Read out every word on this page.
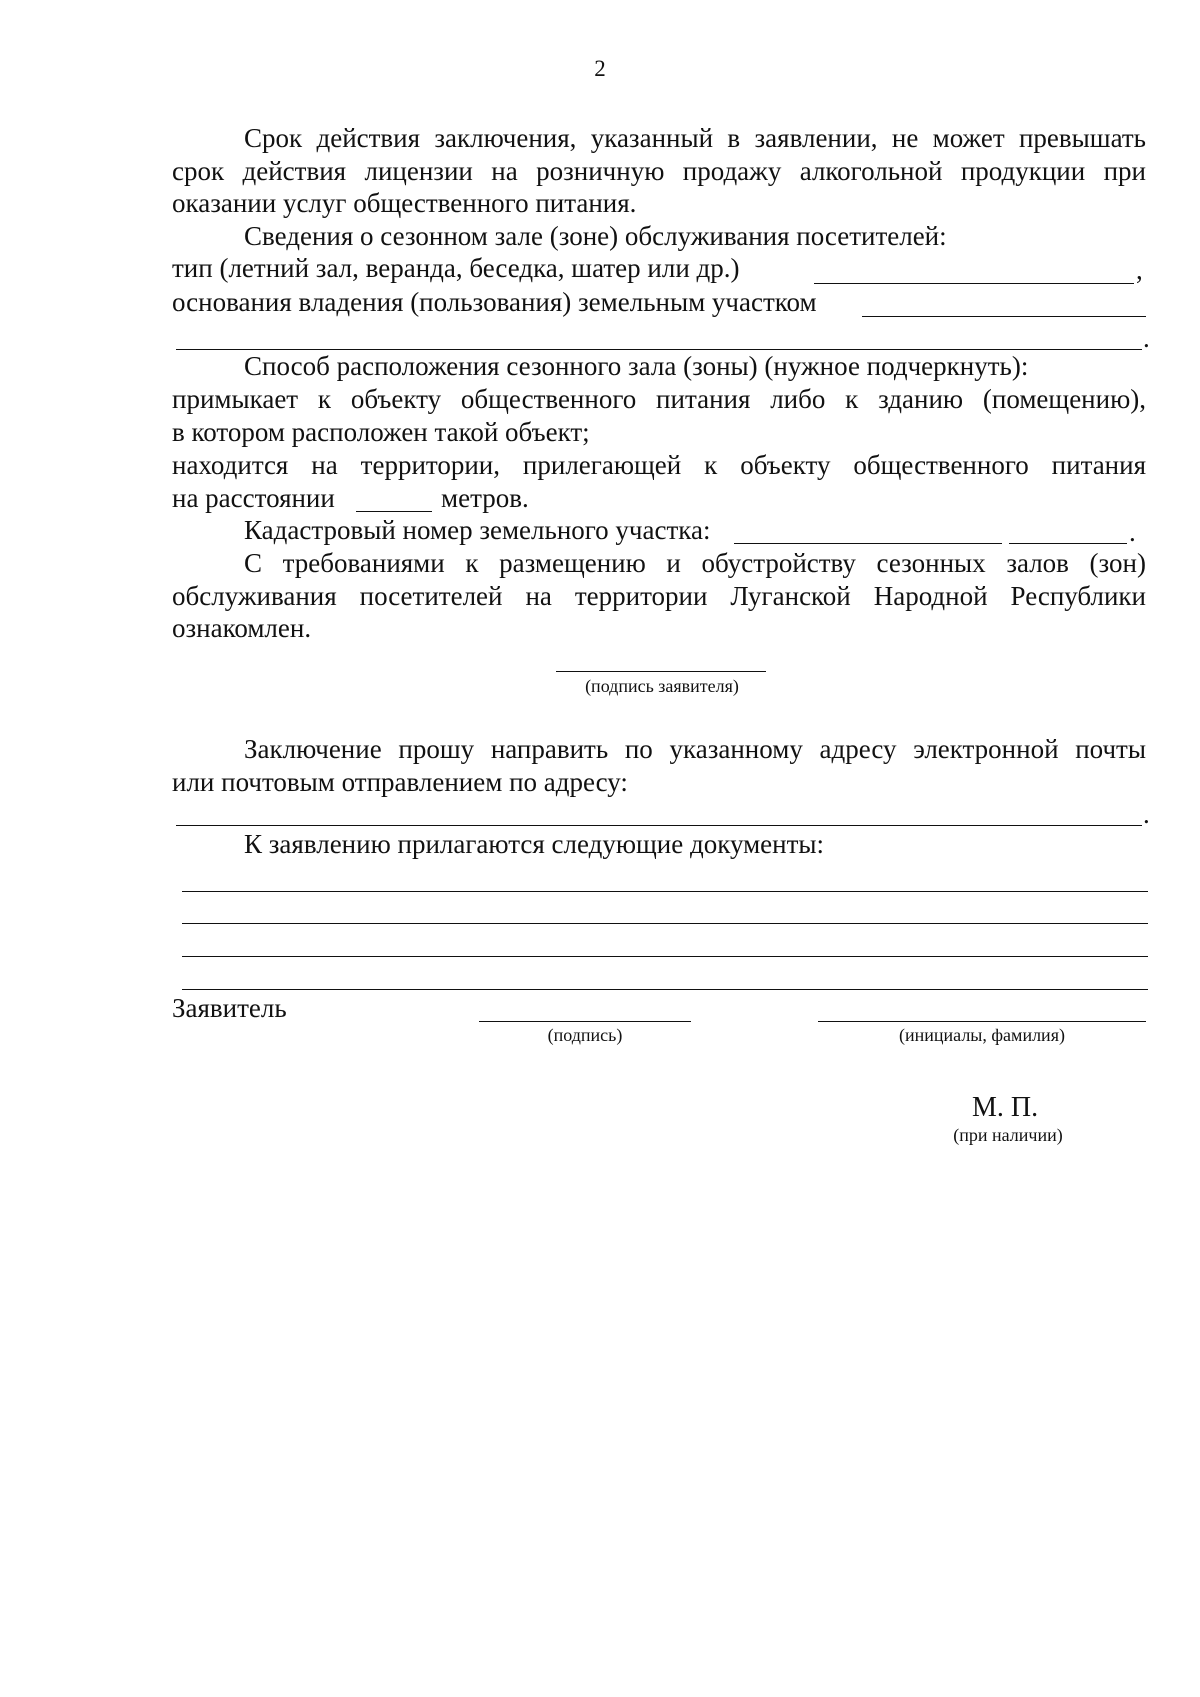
2
Срок действия заключения, указанный в заявлении, не может превышать
срок действия лицензии на розничную продажу алкогольной продукции при
оказании услуг общественного питания.
Сведения о сезонном зале (зоне) обслуживания посетителей:
тип (летний зал, веранда, беседка, шатер или др.)	,
основания владения (пользования) земельным участком
.
Способ расположения сезонного зала (зоны) (нужное подчеркнуть):
примыкает к объекту общественного питания либо к зданию (помещению),
в котором расположен такой объект;
находится на территории, прилегающей к объекту общественного питания
на расстоянии	метров.
Кадастровый номер земельного участка:	.
С требованиями к размещению и обустройству сезонных залов (зон)
обслуживания посетителей на территории Луганской Народной Республики
ознакомлен.
(подпись заявителя)
Заключение прошу направить по указанному адресу электронной почты
или почтовым отправлением по адресу:
.
К заявлению прилагаются следующие документы:
Заявитель
(подпись)	(инициалы, фамилия)
М. П.
(при наличии)
